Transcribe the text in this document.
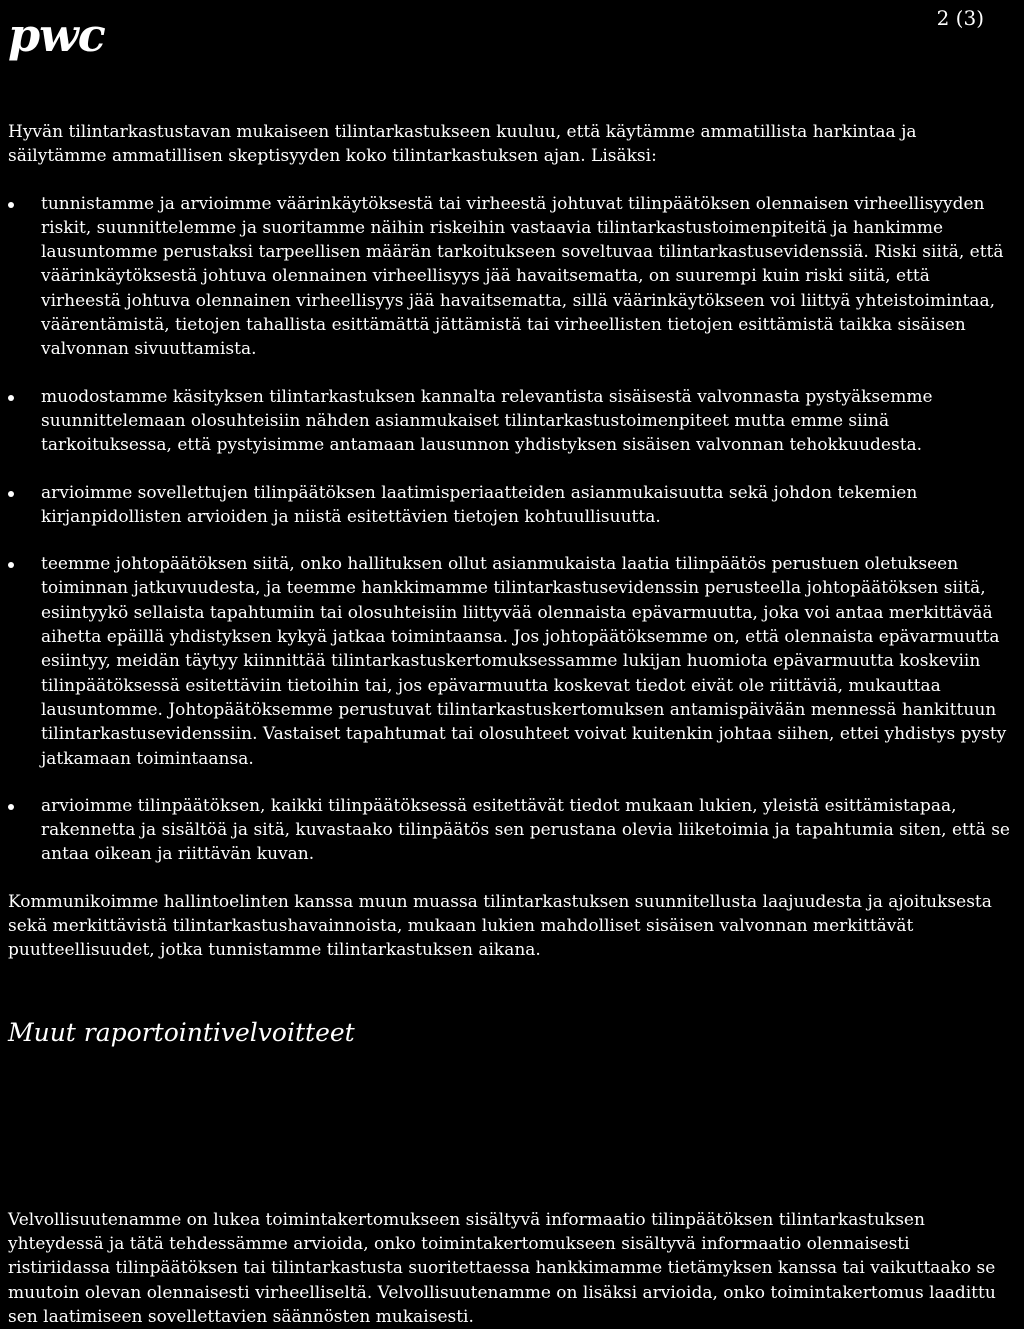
pwc	2 (3)

Hyvän tilintarkastustavan mukaiseen tilintarkastukseen kuuluu, että käytämme ammatillista harkintaa ja säilytämme ammatillisen skeptisyyden koko tilintarkastuksen ajan. Lisäksi:

tunnistamme ja arvioimme väärinkäytöksestä tai virheestä johtuvat tilinpäätöksen olennaisen virheellisyyden riskit, suunnittelemme ja suoritamme näihin riskeihin vastaavia tilintarkastustoimenpiteitä ja hankimme lausuntomme perustaksi tarpeellisen määrän tarkoitukseen soveltuvaa tilintarkastusevidenssiä. Riski siitä, että väärinkäytöksestä johtuva olennainen virheellisyys jää havaitsematta, on suurempi kuin riski siitä, että virheestä johtuva olennainen virheellisyys jää havaitsematta, sillä väärinkäytökseen voi liittyä yhteistoimintaa, väärentämistä, tietojen tahallista esittämättä jättämistä tai virheellisten tietojen esittämistä taikka sisäisen valvonnan sivuuttamista.
muodostamme käsityksen tilintarkastuksen kannalta relevantista sisäisestä valvonnasta pystyäksemme suunnittelemaan olosuhteisiin nähden asianmukaiset tilintarkastustoimenpiteet mutta emme siinä tarkoituksessa, että pystyisimme antamaan lausunnon yhdistyksen sisäisen valvonnan tehokkuudesta.
arvioimme sovellettujen tilinpäätöksen laatimisperiaatteiden asianmukaisuutta sekä johdon tekemien kirjanpidollisten arvioiden ja niistä esitettävien tietojen kohtuullisuutta.
teemme johtopäätöksen siitä, onko hallituksen ollut asianmukaista laatia tilinpäätös perustuen oletukseen toiminnan jatkuvuudesta, ja teemme hankkimamme tilintarkastusevidenssin perusteella johtopäätöksen siitä, esiintyykö sellaista tapahtumiin tai olosuhteisiin liittyvää olennaista epävarmuutta, joka voi antaa merkittävää aihetta epäillä yhdistyksen kykyä jatkaa toimintaansa. Jos johtopäätöksemme on, että olennaista epävarmuutta esiintyy, meidän täytyy kiinnittää tilintarkastuskertomuksessamme lukijan huomiota epävarmuutta koskeviin tilinpäätöksessä esitettäviin tietoihin tai, jos epävarmuutta koskevat tiedot eivät ole riittäviä, mukauttaa lausuntomme. Johtopäätöksemme perustuvat tilintarkastuskertomuksen antamispäivään mennessä hankittuun tilintarkastusevidenssiin. Vastaiset tapahtumat tai olosuhteet voivat kuitenkin johtaa siihen, ettei yhdistys pysty jatkamaan toimintaansa.
arvioimme tilinpäätöksen, kaikki tilinpäätöksessä esitettävät tiedot mukaan lukien, yleistä esittämistapaa, rakennetta ja sisältöä ja sitä, kuvastaako tilinpäätös sen perustana olevia liiketoimia ja tapahtumia siten, että se antaa oikean ja riittävän kuvan.

Kommunikoimme hallintoelinten kanssa muun muassa tilintarkastuksen suunnitellusta laajuudesta ja ajoituksesta sekä merkittävistä tilintarkastushavainnoista, mukaan lukien mahdolliset sisäisen valvonnan merkittävät puutteellisuudet, jotka tunnistamme tilintarkastuksen aikana.

Muut raportointivelvoitteet

Velvollisuutenamme on lukea toimintakertomukseen sisältyvä informaatio tilinpäätöksen tilintarkastuksen yhteydessä ja tätä tehdessämme arvioida, onko toimintakertomukseen sisältyvä informaatio olennaisesti ristiriidassa tilinpäätöksen tai tilintarkastusta suoritettaessa hankkimamme tietämyksen kanssa tai vaikuttaako se muutoin olevan olennaisesti virheelliseltä. Velvollisuutenamme on lisäksi arvioida, onko toimintakertomus laadittu sen laatimiseen sovellettavien säännösten mukaisesti.
